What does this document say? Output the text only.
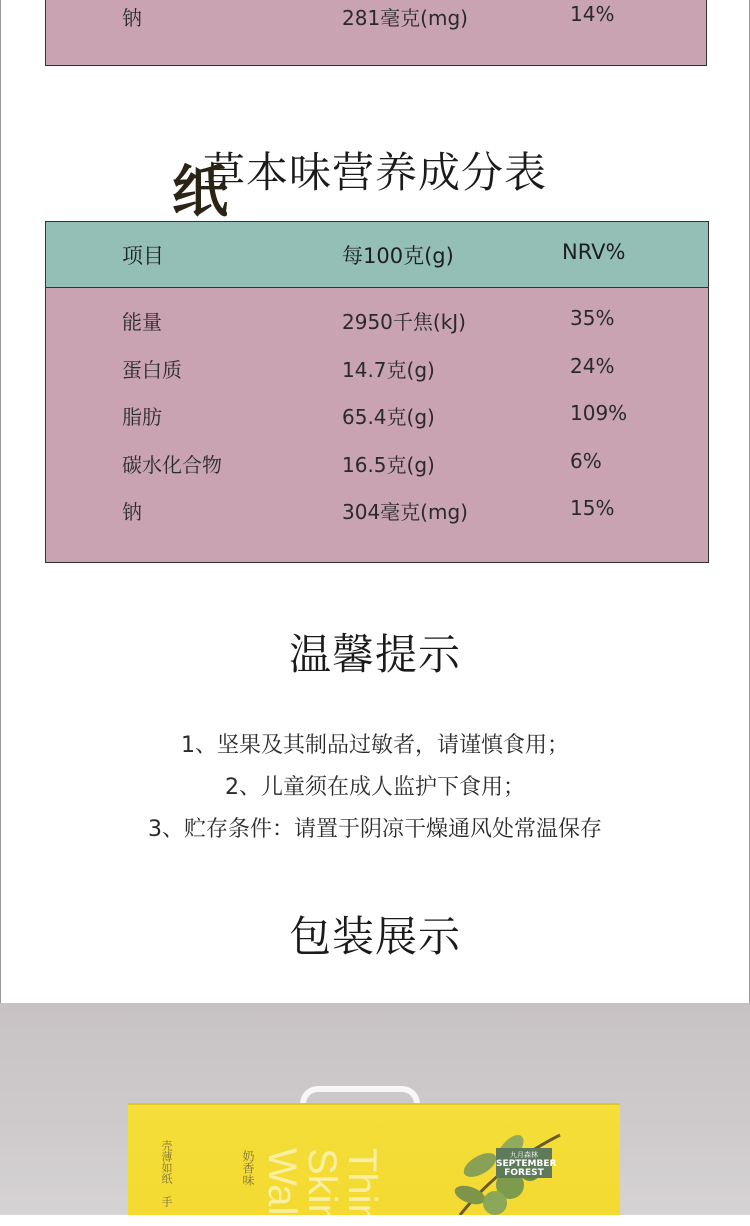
钠	281毫克(mg)	14%
草本味营养成分表
项目	每100克(g)	NRV%
能量	2950千焦(kJ)	35%
蛋白质	14.7克(g)	24%
脂肪	65.4克(g)	109%
碳水化合物	16.5克(g)	6%
钠	304毫克(mg)	15%
温馨提示
1、坚果及其制品过敏者，请谨慎食用；
2、儿童须在成人监护下食用；
3、贮存条件：请置于阴凉干燥通风处常温保存
包装展示
纸
壳薄如纸
手
奶香味	Thin Skin Wal	九月森林

SEPTEMBER
FOREST
